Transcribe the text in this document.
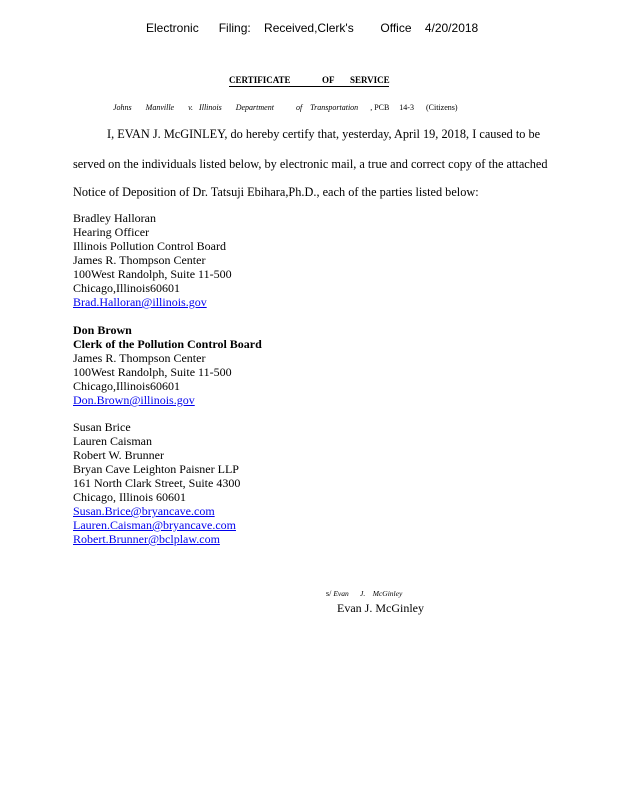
Electronic      Filing:    Received,Clerk's        Office    4/20/2018
CERTIFICATE              OF       SERVICE
Johns       Manville       v.   Illinois       Department           of    Transportation      , PCB     14-3      (Citizens)
I, EVAN J. McGINLEY, do hereby certify that, yesterday, April 19, 2018, I caused to be
served on the individuals listed below, by electronic mail, a true and correct copy of the attached
Notice of Deposition of Dr. Tatsuji Ebihara,Ph.D., each of the parties listed below:
Bradley Halloran
Hearing Officer
Illinois Pollution Control Board
James R. Thompson Center
100West Randolph, Suite 11-500
Chicago,Illinois60601
Brad.Halloran@illinois.gov
Don Brown
Clerk of the Pollution Control Board
James R. Thompson Center
100West Randolph, Suite 11-500
Chicago,Illinois60601
Don.Brown@illinois.gov
Susan Brice
Lauren Caisman
Robert W. Brunner
Bryan Cave Leighton Paisner LLP
161 North Clark Street, Suite 4300
Chicago, Illinois 60601
Susan.Brice@bryancave.com
Lauren.Caisman@bryancave.com
Robert.Brunner@bclplaw.com
s/ Evan      J.    McGinley
Evan J. McGinley
